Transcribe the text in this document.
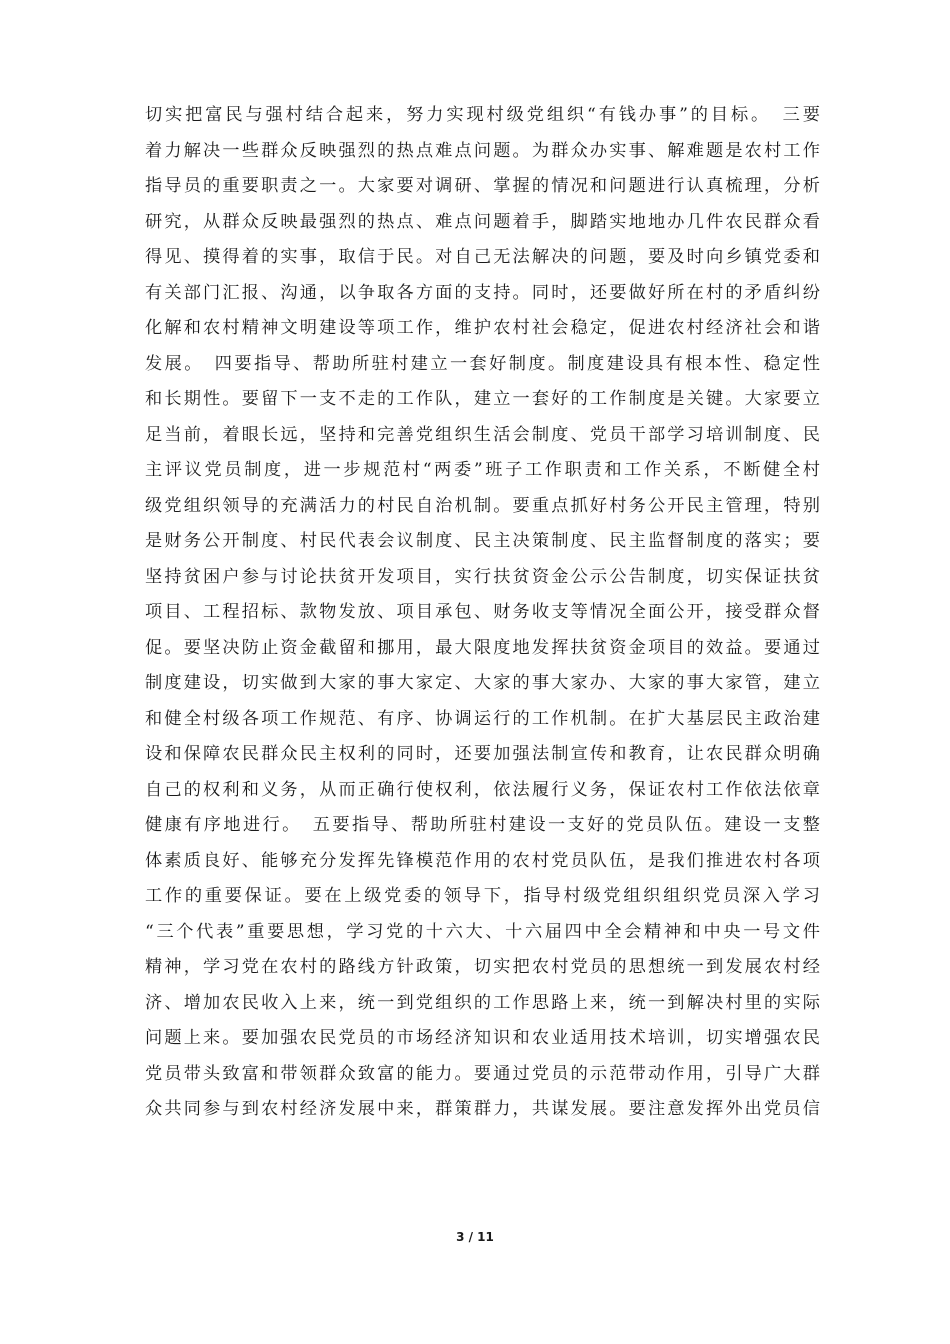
切实把富民与强村结合起来，努力实现村级党组织“有钱办事”的目标。　三要
着力解决一些群众反映强烈的热点难点问题。为群众办实事、解难题是农村工作
指导员的重要职责之一。大家要对调研、掌握的情况和问题进行认真梳理，分析
研究，从群众反映最强烈的热点、难点问题着手，脚踏实地地办几件农民群众看
得见、摸得着的实事，取信于民。对自己无法解决的问题，要及时向乡镇党委和
有关部门汇报、沟通，以争取各方面的支持。同时，还要做好所在村的矛盾纠纷
化解和农村精神文明建设等项工作，维护农村社会稳定，促进农村经济社会和谐
发展。　四要指导、帮助所驻村建立一套好制度。制度建设具有根本性、稳定性
和长期性。要留下一支不走的工作队，建立一套好的工作制度是关键。大家要立
足当前，着眼长远，坚持和完善党组织生活会制度、党员干部学习培训制度、民
主评议党员制度，进一步规范村“两委”班子工作职责和工作关系，不断健全村
级党组织领导的充满活力的村民自治机制。要重点抓好村务公开民主管理，特别
是财务公开制度、村民代表会议制度、民主决策制度、民主监督制度的落实；要
坚持贫困户参与讨论扶贫开发项目，实行扶贫资金公示公告制度，切实保证扶贫
项目、工程招标、款物发放、项目承包、财务收支等情况全面公开，接受群众督
促。要坚决防止资金截留和挪用，最大限度地发挥扶贫资金项目的效益。要通过
制度建设，切实做到大家的事大家定、大家的事大家办、大家的事大家管，建立
和健全村级各项工作规范、有序、协调运行的工作机制。在扩大基层民主政治建
设和保障农民群众民主权利的同时，还要加强法制宣传和教育，让农民群众明确
自己的权利和义务，从而正确行使权利，依法履行义务，保证农村工作依法依章
健康有序地进行。　五要指导、帮助所驻村建设一支好的党员队伍。建设一支整
体素质良好、能够充分发挥先锋模范作用的农村党员队伍，是我们推进农村各项
工作的重要保证。要在上级党委的领导下，指导村级党组织组织党员深入学习
“三个代表”重要思想，学习党的十六大、十六届四中全会精神和中央一号文件
精神，学习党在农村的路线方针政策，切实把农村党员的思想统一到发展农村经
济、增加农民收入上来，统一到党组织的工作思路上来，统一到解决村里的实际
问题上来。要加强农民党员的市场经济知识和农业适用技术培训，切实增强农民
党员带头致富和带领群众致富的能力。要通过党员的示范带动作用，引导广大群
众共同参与到农村经济发展中来，群策群力，共谋发展。要注意发挥外出党员信
3 / 11
